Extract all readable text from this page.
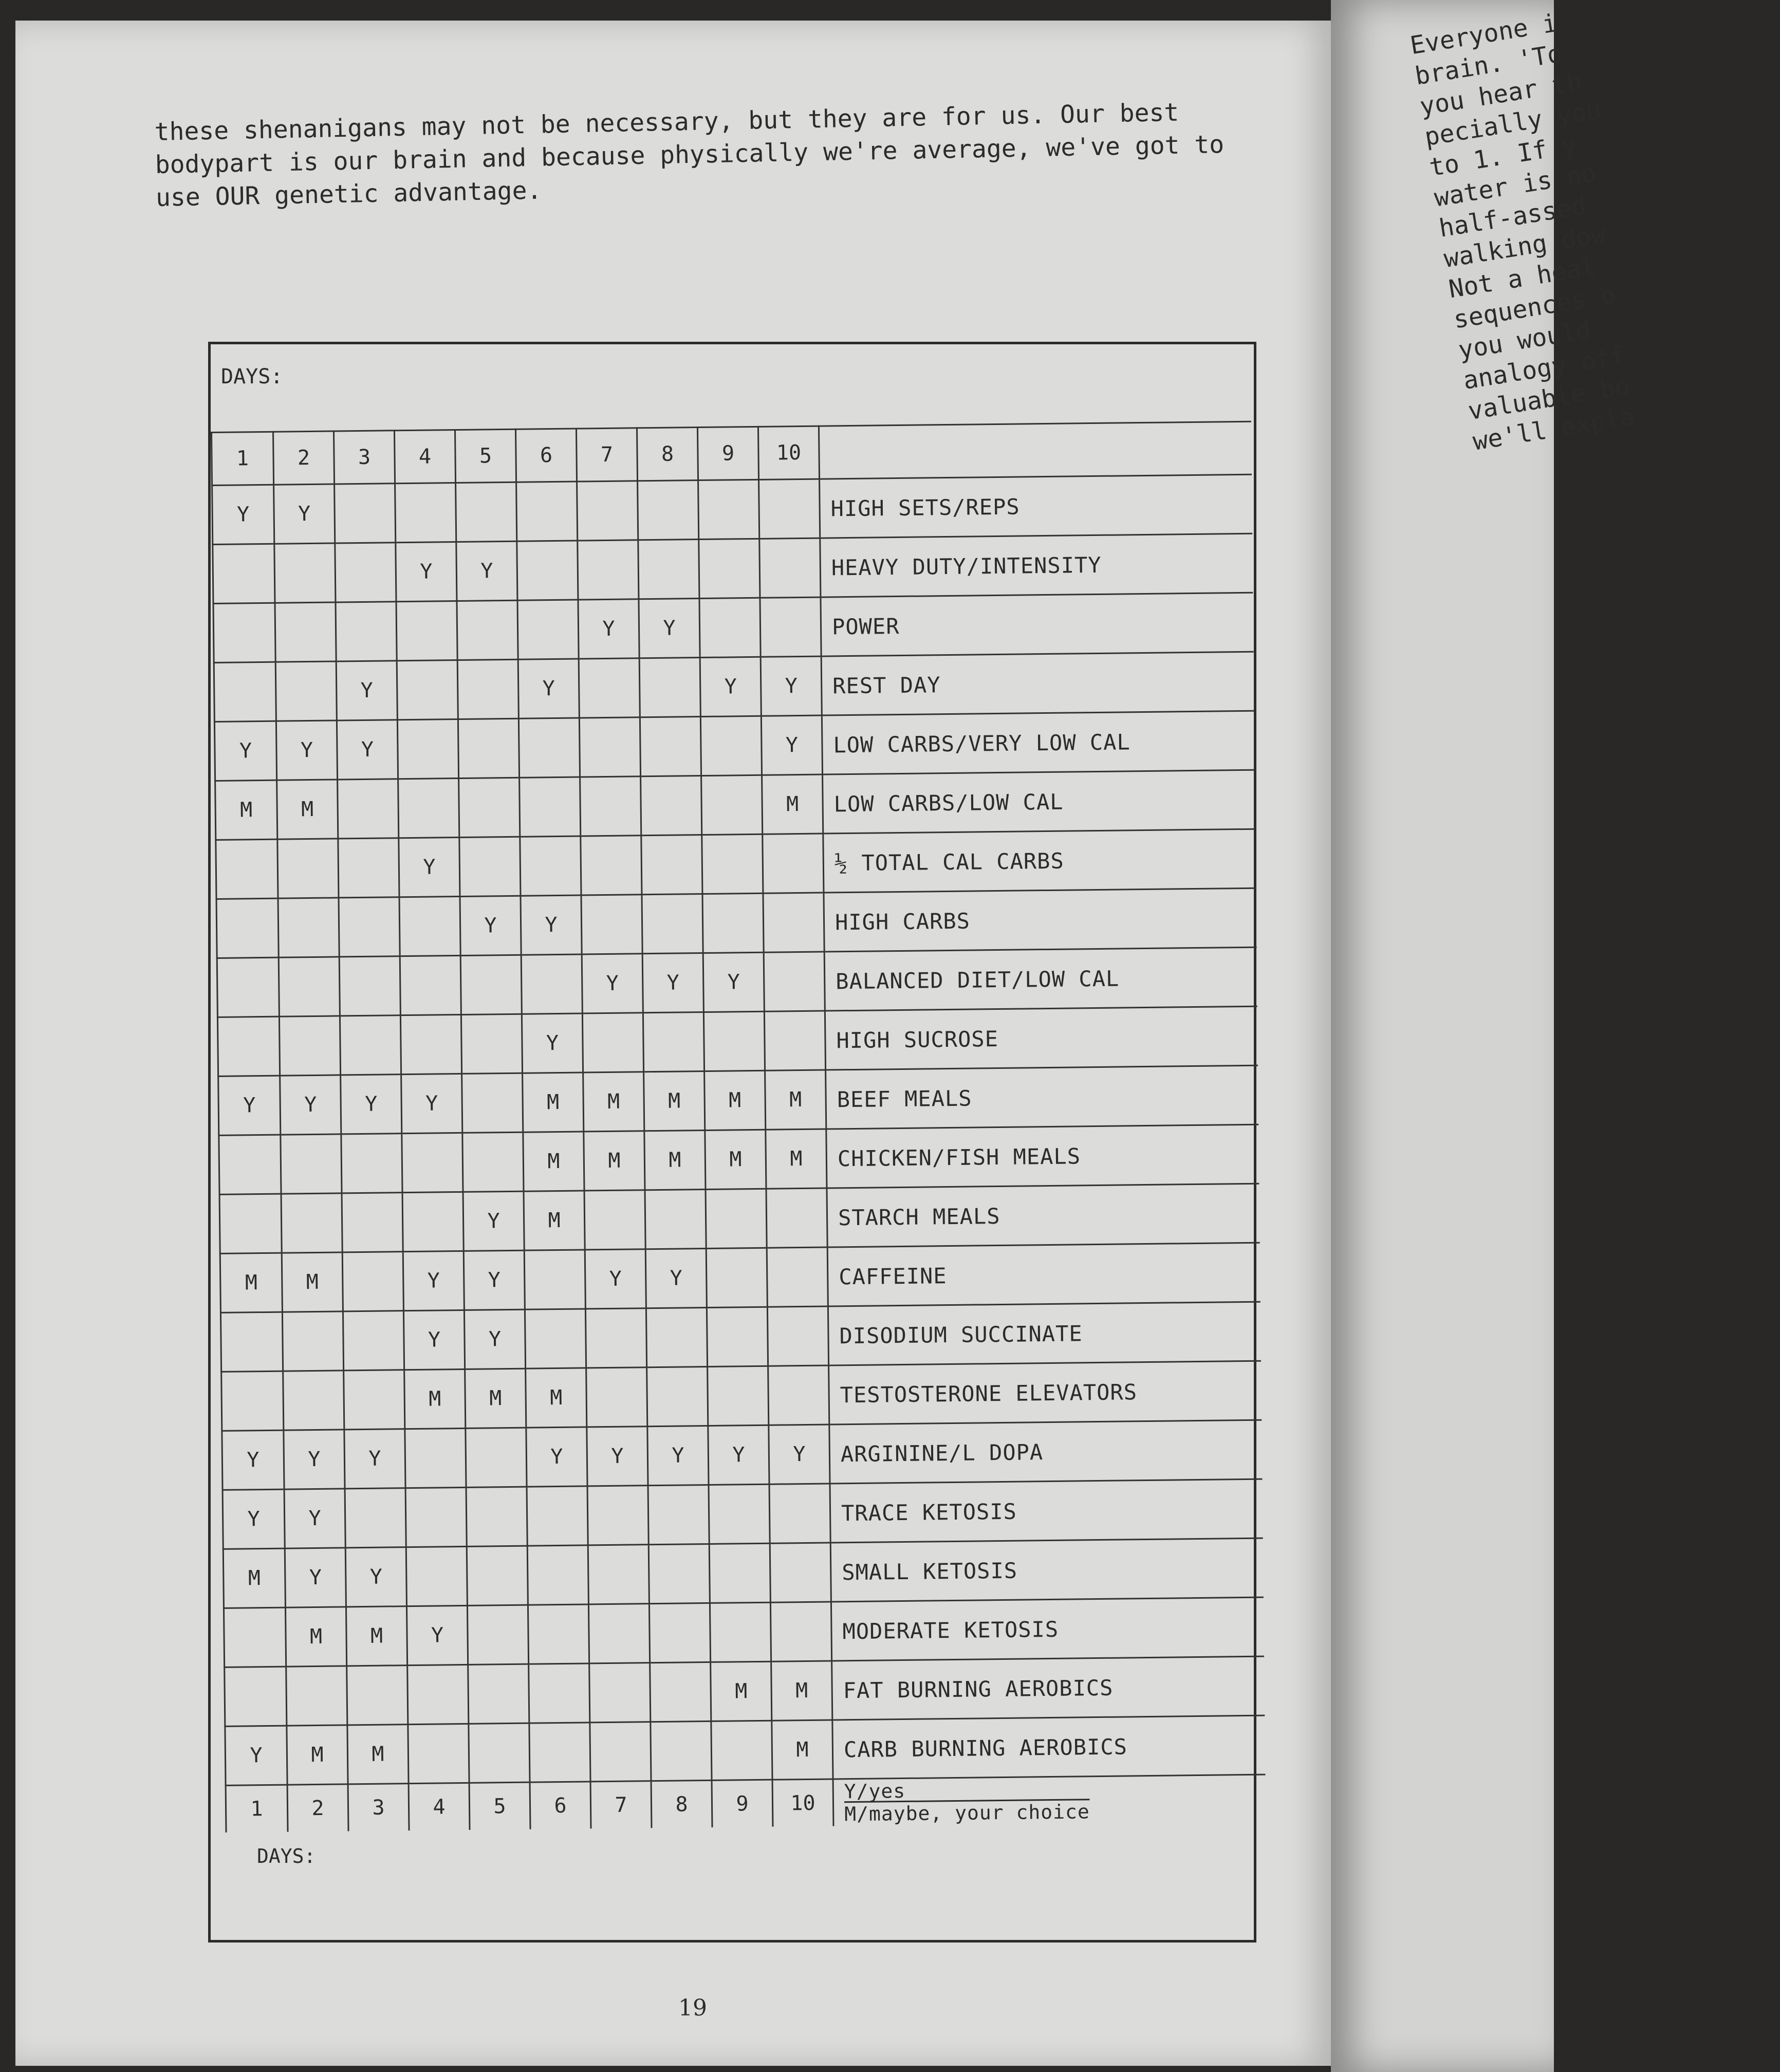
these shenanigans may not be necessary, but they are for us. Our best bodypart is our brain and because physically we're average, we've got to use OUR genetic advantage.

DAYS:
1	2	3	4	5	6	7	8	9	10	
Y	Y									HIGH SETS/REPS
			Y	Y						HEAVY DUTY/INTENSITY
						Y	Y			POWER
		Y			Y			Y	Y	REST DAY
Y	Y	Y							Y	LOW CARBS/VERY LOW CAL
M	M								M	LOW CARBS/LOW CAL
			Y							½ TOTAL CAL CARBS
				Y	Y					HIGH CARBS
						Y	Y	Y		BALANCED DIET/LOW CAL
					Y					HIGH SUCROSE
Y	Y	Y	Y		M	M	M	M	M	BEEF MEALS
					M	M	M	M	M	CHICKEN/FISH MEALS
				Y	M					STARCH MEALS
M	M		Y	Y		Y	Y			CAFFEINE
			Y	Y						DISODIUM SUCCINATE
			M	M	M					TESTOSTERONE ELEVATORS
Y	Y	Y			Y	Y	Y	Y	Y	ARGININE/L DOPA
Y	Y									TRACE KETOSIS
M	Y	Y								SMALL KETOSIS
	M	M	Y							MODERATE KETOSIS
								M	M	FAT BURNING AEROBICS
Y	M	M							M	CARB BURNING AEROBICS
1	2	3	4	5	6	7	8	9	10	Y/yes
M/maybe, your choice
DAYS:
19

Everyone i
brain. 'To
you hear th
pecially you
to 1. If y
water is no
half-assed
walking dow
Not a heal
sequences o
you would
analogy off
valuable bo
we'll expla
